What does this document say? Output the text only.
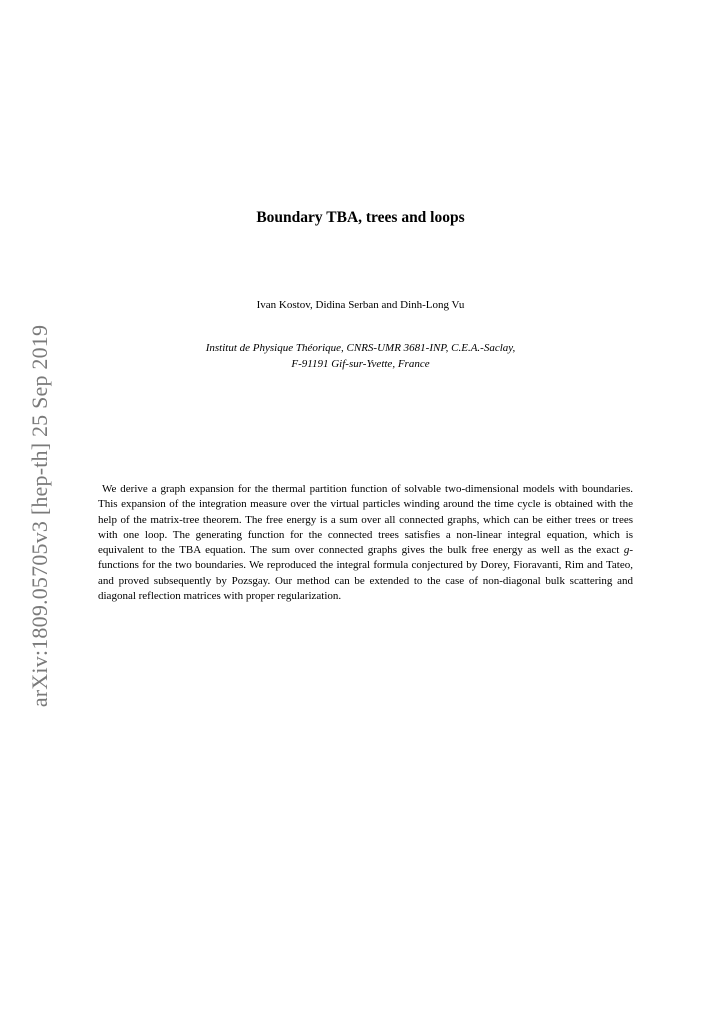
arXiv:1809.05705v3 [hep-th] 25 Sep 2019
Boundary TBA, trees and loops
Ivan Kostov, Didina Serban and Dinh-Long Vu
Institut de Physique Théorique, CNRS-UMR 3681-INP, C.E.A.-Saclay,
F-91191 Gif-sur-Yvette, France
We derive a graph expansion for the thermal partition function of solvable two-dimensional models with boundaries. This expansion of the integration measure over the virtual particles winding around the time cycle is obtained with the help of the matrix-tree theorem. The free energy is a sum over all connected graphs, which can be either trees or trees with one loop. The generating function for the connected trees satisfies a non-linear integral equation, which is equivalent to the TBA equation. The sum over connected graphs gives the bulk free energy as well as the exact g-functions for the two boundaries. We reproduced the integral formula conjectured by Dorey, Fioravanti, Rim and Tateo, and proved subsequently by Pozsgay. Our method can be extended to the case of non-diagonal bulk scattering and diagonal reflection matrices with proper regularization.
